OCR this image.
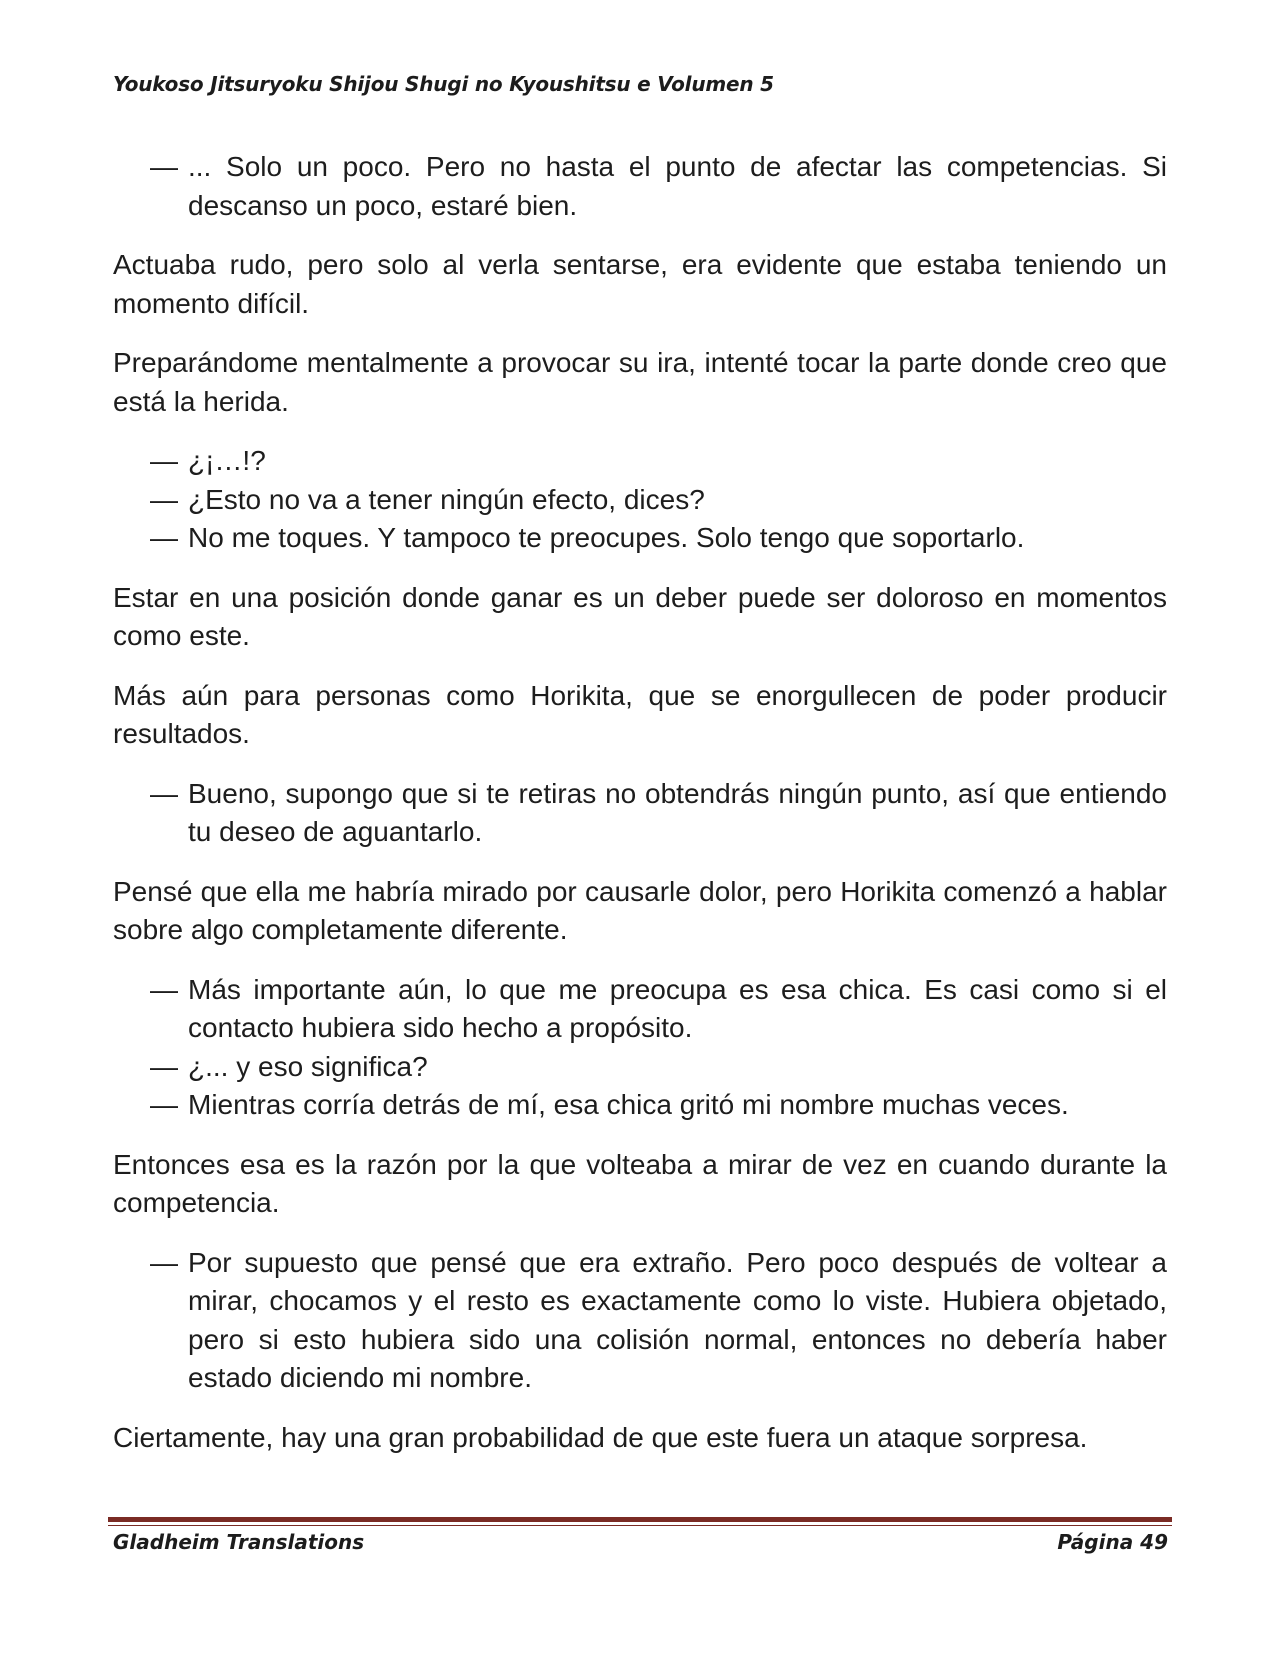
Youkoso Jitsuryoku Shijou Shugi no Kyoushitsu e Volumen 5

— ... Solo un poco. Pero no hasta el punto de afectar las competencias. Si descanso un poco, estaré bien.

Actuaba rudo, pero solo al verla sentarse, era evidente que estaba teniendo un momento difícil.

Preparándome mentalmente a provocar su ira, intenté tocar la parte donde creo que está la herida.

— ¿¡…!?

— ¿Esto no va a tener ningún efecto, dices?

— No me toques. Y tampoco te preocupes. Solo tengo que soportarlo.

Estar en una posición donde ganar es un deber puede ser doloroso en momentos como este.

Más aún para personas como Horikita, que se enorgullecen de poder producir resultados.

— Bueno, supongo que si te retiras no obtendrás ningún punto, así que entiendo tu deseo de aguantarlo.

Pensé que ella me habría mirado por causarle dolor, pero Horikita comenzó a hablar sobre algo completamente diferente.

— Más importante aún, lo que me preocupa es esa chica. Es casi como si el contacto hubiera sido hecho a propósito.

— ¿... y eso significa?

— Mientras corría detrás de mí, esa chica gritó mi nombre muchas veces.

Entonces esa es la razón por la que volteaba a mirar de vez en cuando durante la competencia.

— Por supuesto que pensé que era extraño. Pero poco después de voltear a mirar, chocamos y el resto es exactamente como lo viste. Hubiera objetado, pero si esto hubiera sido una colisión normal, entonces no debería haber estado diciendo mi nombre.

Ciertamente, hay una gran probabilidad de que este fuera un ataque sorpresa.

Gladheim Translations	Página 49
